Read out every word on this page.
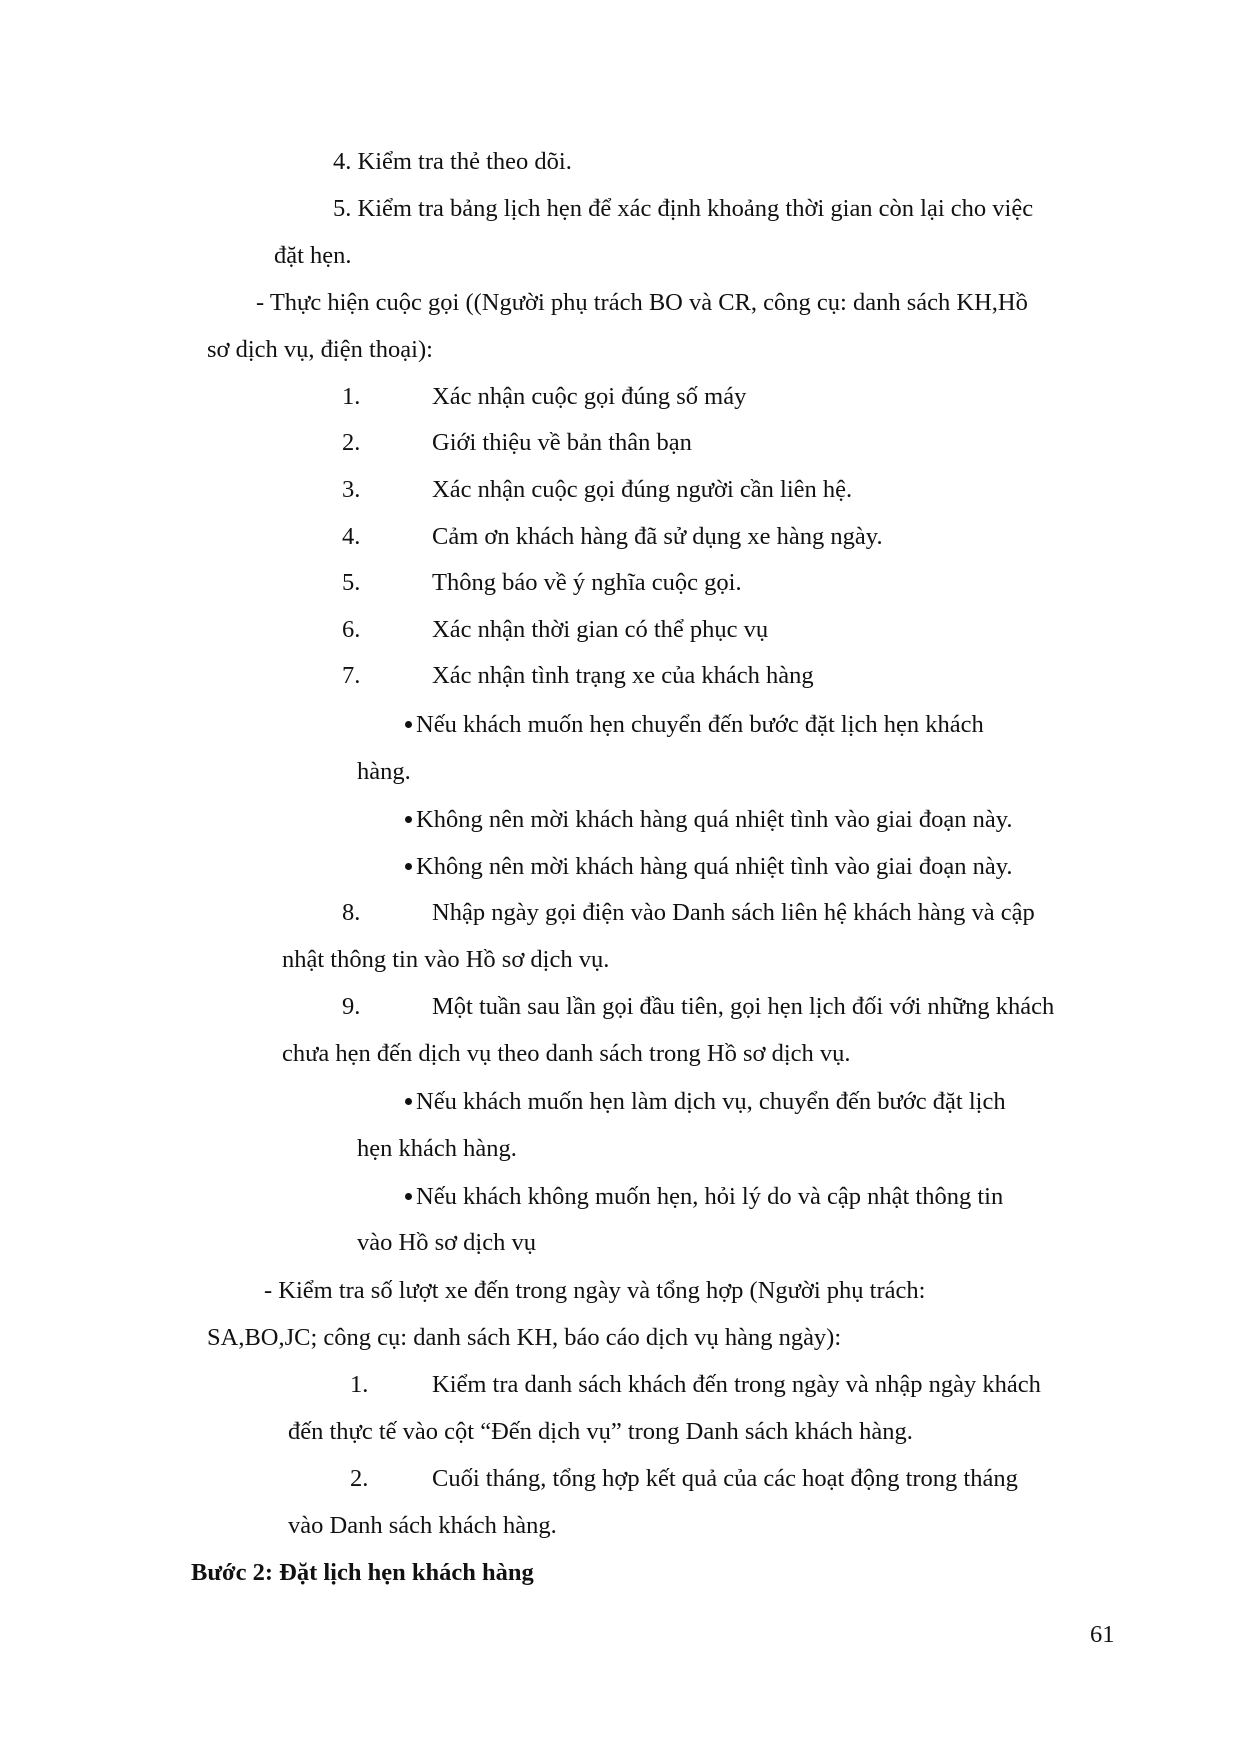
4. Kiểm tra thẻ theo dõi.
5. Kiểm tra bảng lịch hẹn để xác định khoảng thời gian còn lại cho việc
đặt hẹn.
- Thực hiện cuộc gọi ((Người phụ trách BO và CR, công cụ: danh sách KH,Hồ
sơ dịch vụ, điện thoại):
1.	Xác nhận cuộc gọi đúng số máy
2.	Giới thiệu về bản thân bạn
3.	Xác nhận cuộc gọi đúng người cần liên hệ.
4.	Cảm ơn khách hàng đã sử dụng xe hàng ngày.
5.	Thông báo về ý nghĩa cuộc gọi.
6.	Xác nhận thời gian có thể phục vụ
7.	Xác nhận tình trạng xe của khách hàng
Nếu khách muốn hẹn chuyển đến bước đặt lịch hẹn khách
hàng.
Không nên mời khách hàng quá nhiệt tình vào giai đoạn này.
Không nên mời khách hàng quá nhiệt tình vào giai đoạn này.
8.	Nhập ngày gọi điện vào Danh sách liên hệ khách hàng và cập
nhật thông tin vào Hồ sơ dịch vụ.
9.	Một tuần sau lần gọi đầu tiên, gọi hẹn lịch đối với những khách
chưa hẹn đến dịch vụ theo danh sách trong Hồ sơ dịch vụ.
Nếu khách muốn hẹn làm dịch vụ, chuyển đến bước đặt lịch
hẹn khách hàng.
Nếu khách không muốn hẹn, hỏi lý do và cập nhật thông tin
vào Hồ sơ dịch vụ
- Kiểm tra số lượt xe đến trong ngày và tổng hợp (Người phụ trách:
SA,BO,JC; công cụ: danh sách KH, báo cáo dịch vụ hàng ngày):
1.	Kiểm tra danh sách khách đến trong ngày và nhập ngày khách
đến thực tế vào cột “Đến dịch vụ” trong Danh sách khách hàng.
2.	Cuối tháng, tổng hợp kết quả của các hoạt động trong tháng
vào Danh sách khách hàng.
Bước 2: Đặt lịch hẹn khách hàng
61
